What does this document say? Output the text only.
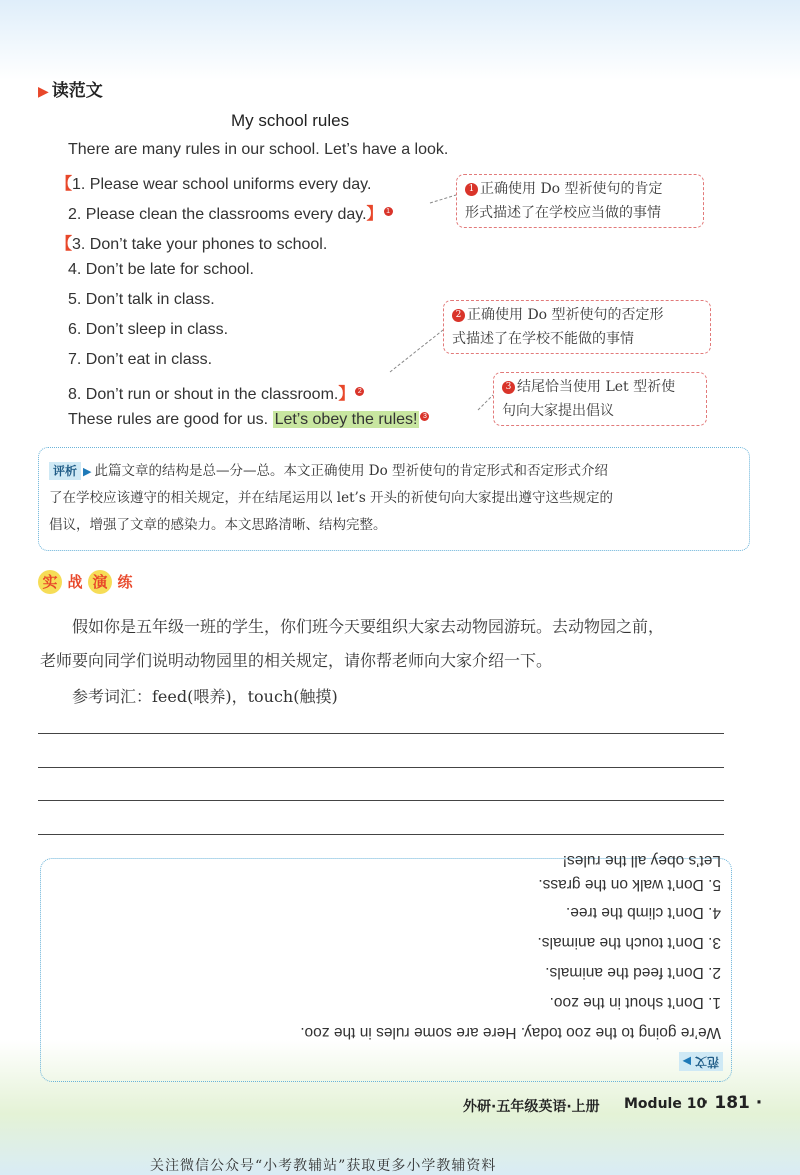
▶ 读范文
My school rules
There are many rules in our school. Let’s have a look.
【1. Please wear school uniforms every day.
2. Please clean the classrooms every day.】 1
【3. Don’t take your phones to school.
4. Don’t be late for school.
5. Don’t talk in class.
6. Don’t sleep in class.
7. Don’t eat in class.
8. Don’t run or shout in the classroom.】 2
These rules are good for us. Let’s obey the rules! 3
1 正确使用 Do 型祈使句的肯定
形式描述了在学校应当做的事情
2 正确使用 Do 型祈使句的否定形
式描述了在学校不能做的事情
3 结尾恰当使用 Let 型祈使
句向大家提出倡议
评析 ▶ 此篇文章的结构是总—分—总。本文正确使用 Do 型祈使句的肯定形式和否定形式介绍
了在学校应该遵守的相关规定，并在结尾运用以 let’s 开头的祈使句向大家提出遵守这些规定的
倡议，增强了文章的感染力。本文思路清晰、结构完整。
实 战 演 练
假如你是五年级一班的学生，你们班今天要组织大家去动物园游玩。去动物园之前，
老师要向同学们说明动物园里的相关规定，请你帮老师向大家介绍一下。
参考词汇：feed(喂养)，touch(触摸)
范文▶
We’re going to the zoo today. Here are some rules in the zoo.
1. Don’t shout in the zoo.
2. Don’t feed the animals.
3. Don’t touch the animals.
4. Don’t climb the tree.
5. Don’t walk on the grass.
Let’s obey all the rules!
外研·五年级英语·上册 Module 10
· 181 ·
关注微信公众号“小考教辅站”获取更多小学教辅资料
